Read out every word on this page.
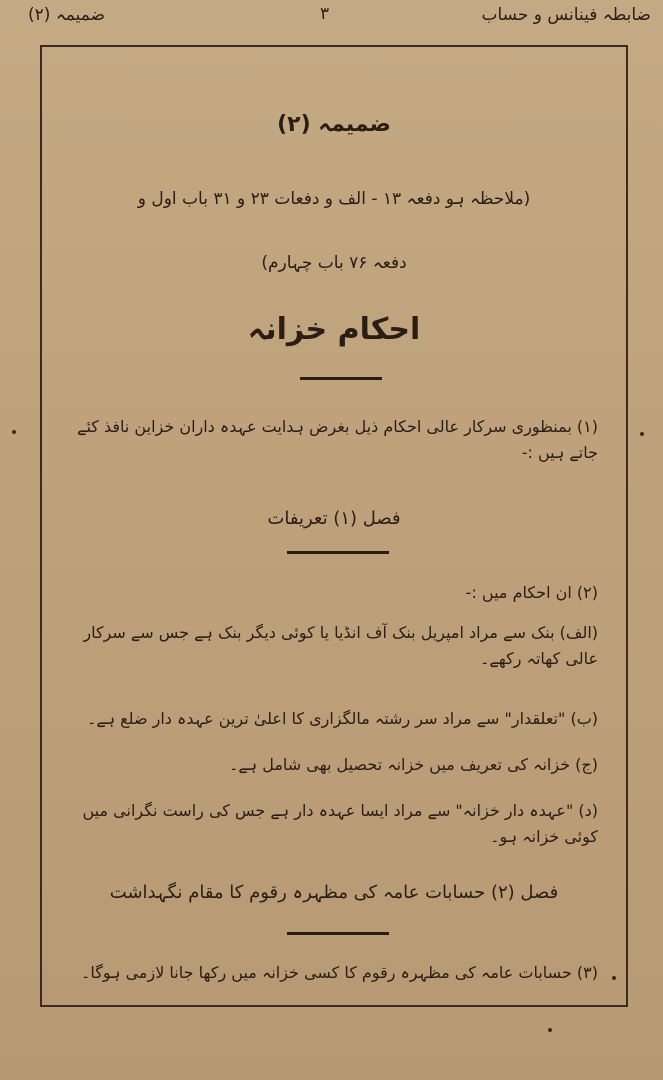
ضابطہ فینانس و حساب
۳
ضمیمہ (۲)
ضمیمہ (۲)
(ملاحظہ ہو دفعہ ۱۳ - الف و دفعات ۲۳ و ۳۱ باب اول و
دفعہ ۷۶ باب چہارم)
احکام خزانہ
(۱) بمنظوری سرکار عالی احکام ذیل بغرض ہدایت عہدہ داران خزاین نافذ کئے جاتے ہیں :-
فصل (۱) تعریفات
(۲) ان احکام میں :-
(الف) بنک سے مراد امپریل بنک آف انڈیا یا کوئی دیگر بنک ہے جس سے سرکار عالی کھاتہ رکھے۔
(ب) "تعلقدار" سے مراد سر رشتہ مالگزاری کا اعلیٰ ترین عہدہ دار ضلع ہے۔
(ج) خزانہ کی تعریف میں خزانہ تحصیل بھی شامل ہے۔
(د) "عہدہ دار خزانہ" سے مراد ایسا عہدہ دار ہے جس کی راست نگرانی میں کوئی خزانہ ہو۔
فصل (۲) حسابات عامہ کی مظہرہ رقوم کا مقام نگہداشت
(۳) حسابات عامہ کی مظہرہ رقوم کا کسی خزانہ میں رکھا جانا لازمی ہوگا۔
